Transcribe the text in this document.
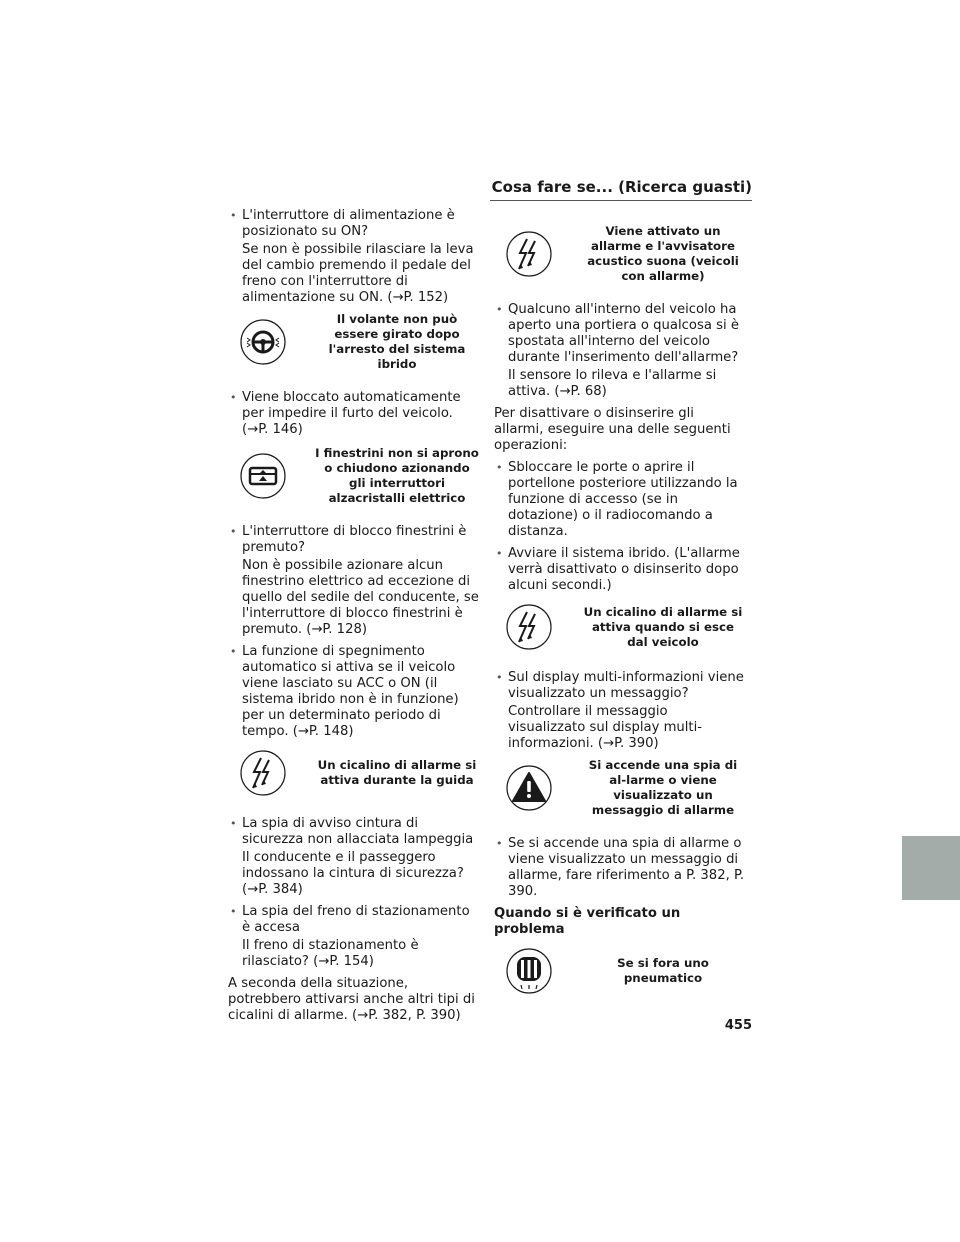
Cosa fare se... (Ricerca guasti)

• L'interruttore di alimentazione è posizionato su ON?

Se non è possibile rilasciare la leva del cambio premendo il pedale del freno con l'interruttore di alimentazione su ON. (→P. 152)

Il volante non può essere girato dopo l'arresto del sistema ibrido

• Viene bloccato automaticamente per impedire il furto del veicolo. (→P. 146)

I finestrini non si aprono o chiudono azionando gli interruttori alzacristalli elettrico

• L'interruttore di blocco finestrini è premuto?

Non è possibile azionare alcun finestrino elettrico ad eccezione di quello del sedile del conducente, se l'interruttore di blocco finestrini è premuto. (→P. 128)

• La funzione di spegnimento automatico si attiva se il veicolo viene lasciato su ACC o ON (il sistema ibrido non è in funzione) per un determinato periodo di tempo. (→P. 148)

Un cicalino di allarme si attiva durante la guida

• La spia di avviso cintura di sicurezza non allacciata lampeggia

Il conducente e il passeggero indossano la cintura di sicurezza? (→P. 384)

• La spia del freno di stazionamento è accesa

Il freno di stazionamento è rilasciato? (→P. 154)

A seconda della situazione, potrebbero attivarsi anche altri tipi di cicalini di allarme. (→P. 382, P. 390)

Viene attivato un allarme e l'avvisatore acustico suona (veicoli con allarme)

• Qualcuno all'interno del veicolo ha aperto una portiera o qualcosa si è spostata all'interno del veicolo durante l'inserimento dell'allarme?

Il sensore lo rileva e l'allarme si attiva. (→P. 68)

Per disattivare o disinserire gli allarmi, eseguire una delle seguenti operazioni:

• Sbloccare le porte o aprire il portellone posteriore utilizzando la funzione di accesso (se in dotazione) o il radiocomando a distanza.

• Avviare il sistema ibrido. (L'allarme verrà disattivato o disinserito dopo alcuni secondi.)

Un cicalino di allarme si attiva quando si esce dal veicolo

• Sul display multi-informazioni viene visualizzato un messaggio?

Controllare il messaggio visualizzato sul display multi-informazioni. (→P. 390)

Si accende una spia di al-larme o viene visualizzato un messaggio di allarme

• Se si accende una spia di allarme o viene visualizzato un messaggio di allarme, fare riferimento a P. 382, P. 390.

Quando si è verificato un problema

Se si fora uno pneumatico
455
